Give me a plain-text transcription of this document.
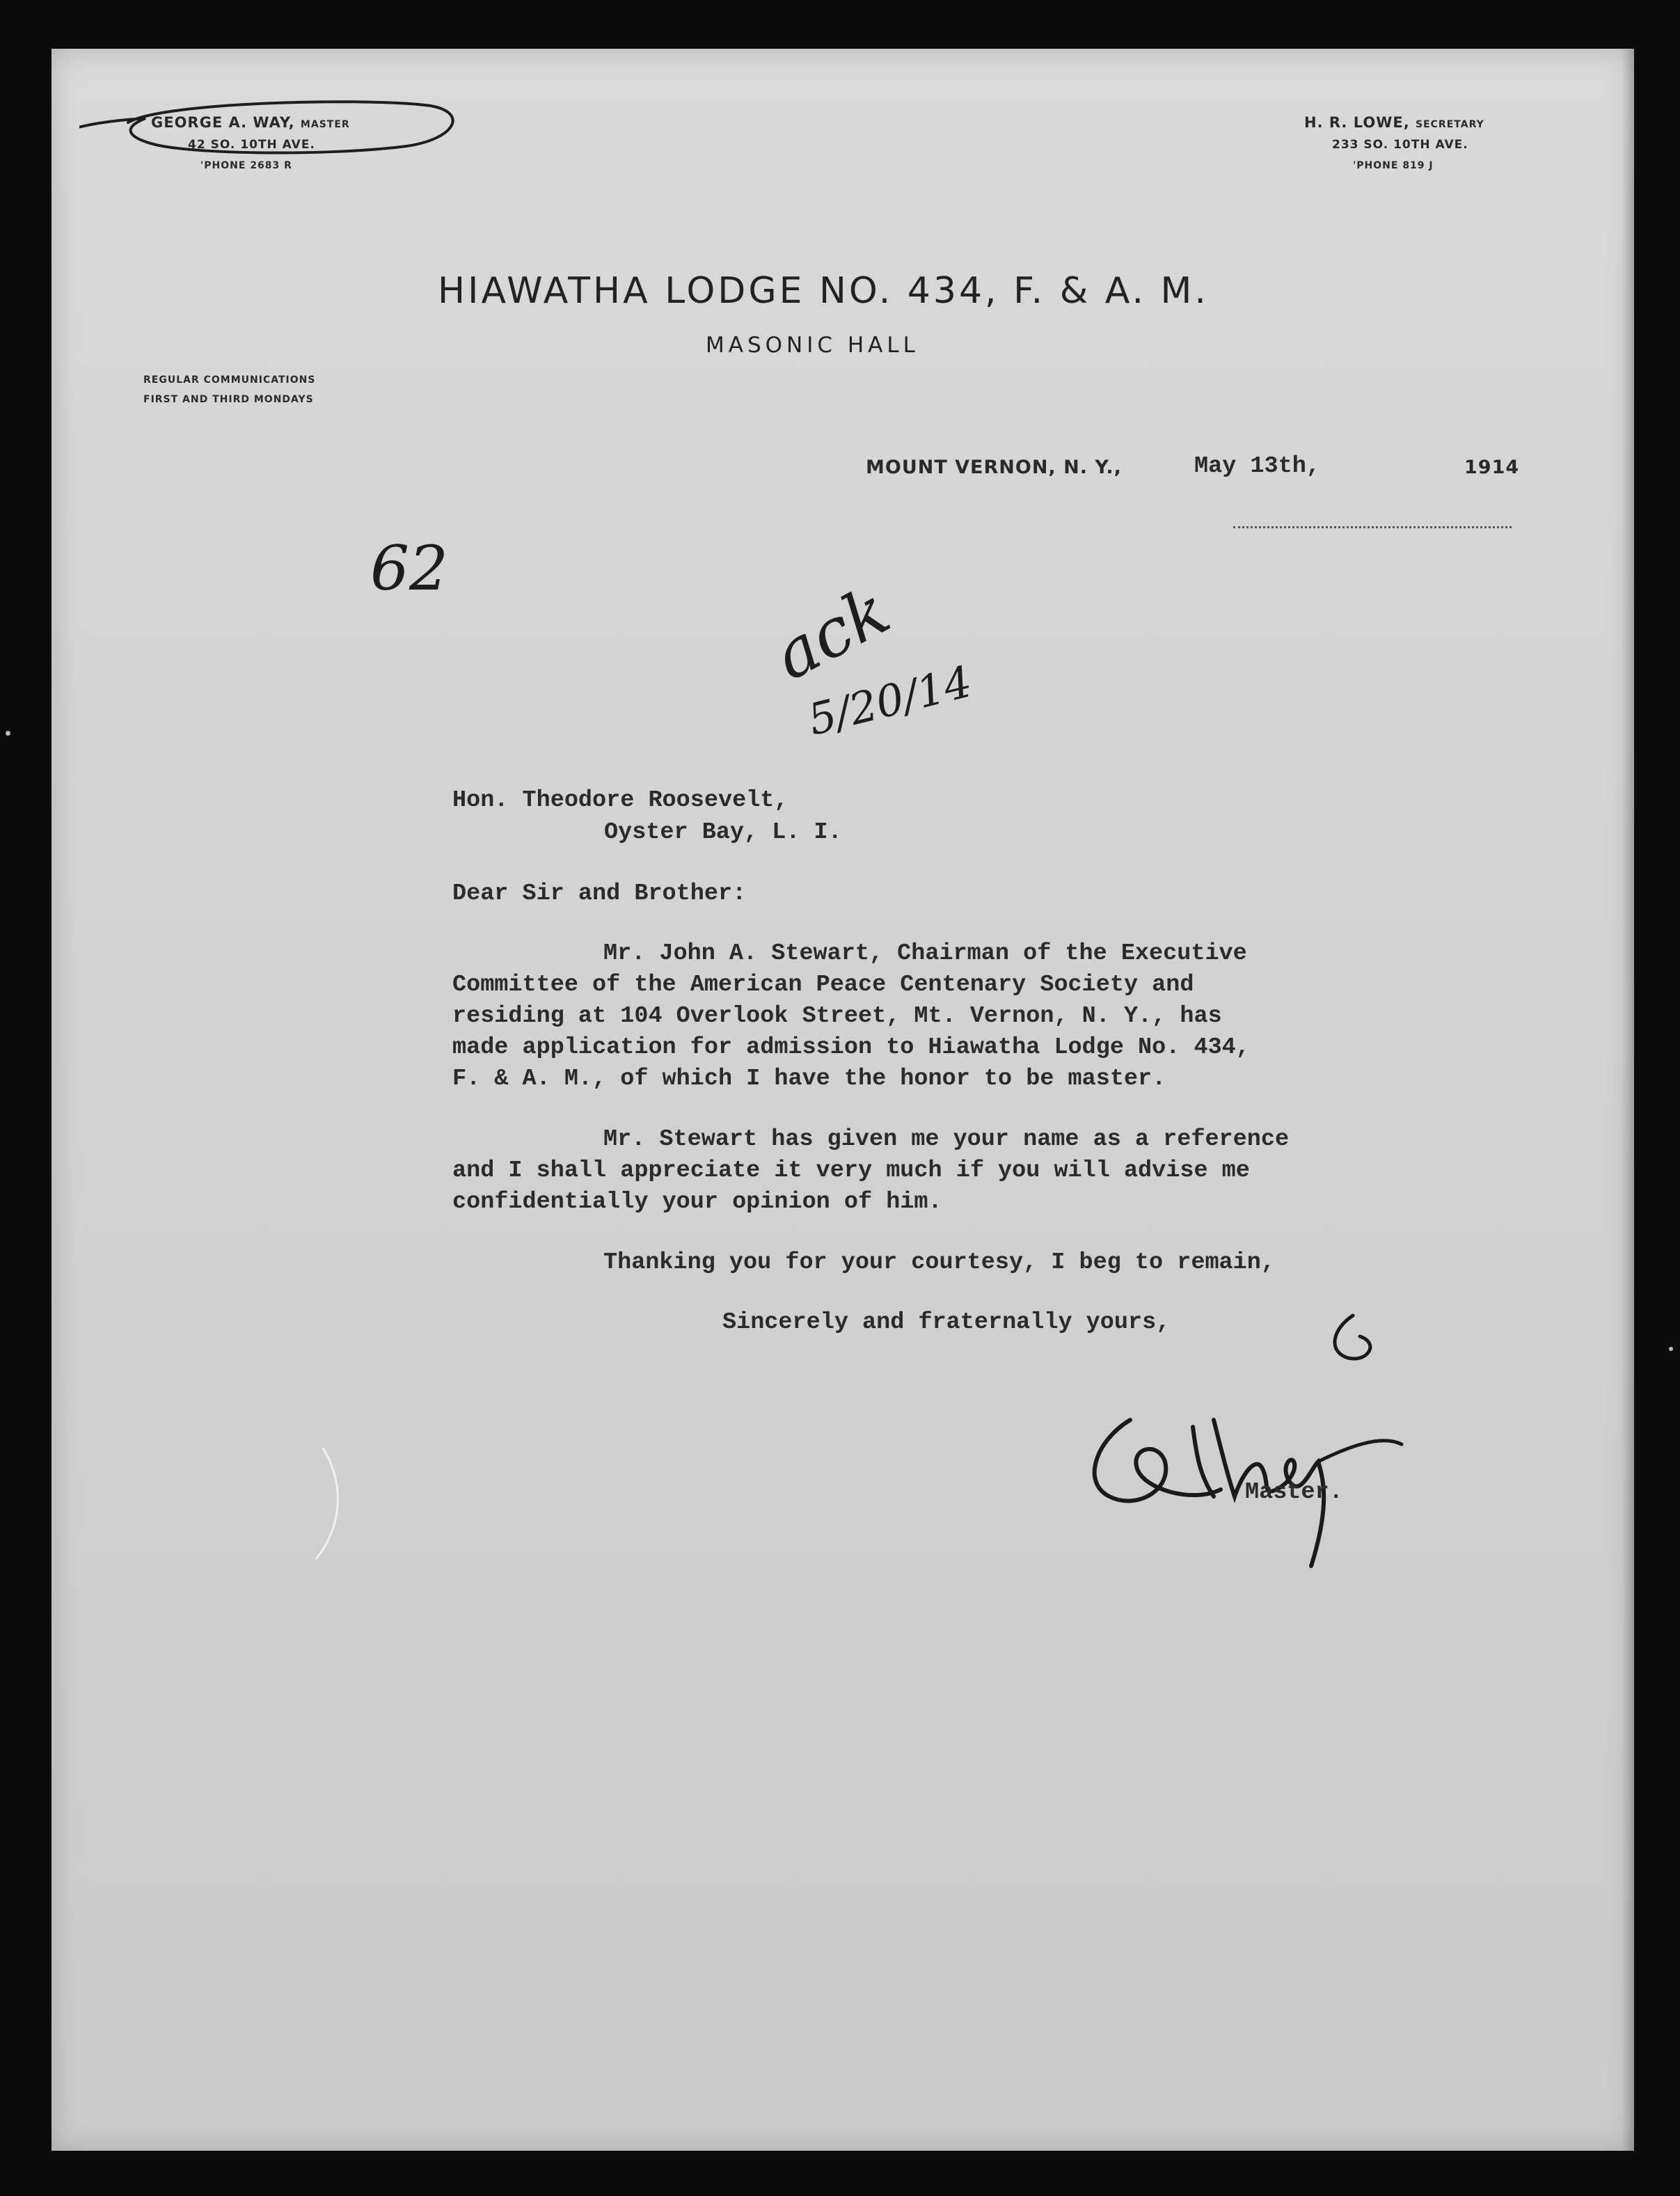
GEORGE A. WAY, MASTER
42 SO. 10TH AVE.
'PHONE 2683 R
H. R. LOWE, SECRETARY
233 SO. 10TH AVE.
'PHONE 819 J
HIAWATHA LODGE NO. 434, F. & A. M.
MASONIC HALL
REGULAR COMMUNICATIONS
FIRST AND THIRD MONDAYS
MOUNT VERNON, N. Y.,	May 13th,	1914
62
ack
5/20/14
Hon. Theodore Roosevelt,
Oyster Bay, L. I.
Dear Sir and Brother:
Mr. John A. Stewart, Chairman of the Executive
Committee of the American Peace Centenary Society and
residing at 104 Overlook Street, Mt. Vernon, N. Y., has
made application for admission to Hiawatha Lodge No. 434,
F. & A. M., of which I have the honor to be master.
Mr. Stewart has given me your name as a reference
and I shall appreciate it very much if you will advise me
confidentially your opinion of him.
Thanking you for your courtesy, I beg to remain,
Sincerely and fraternally yours,
Master.
